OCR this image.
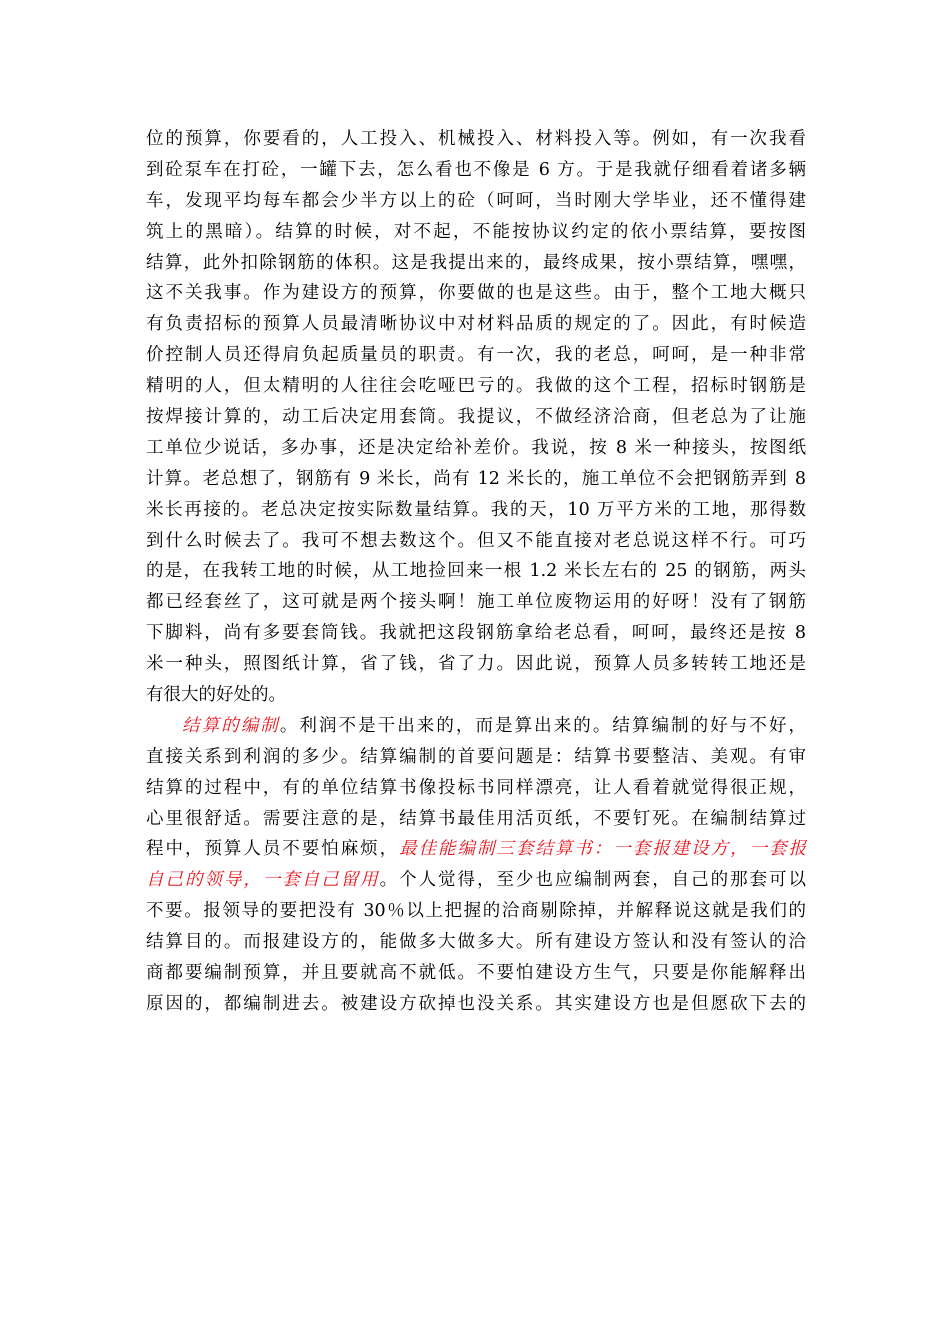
位的预算，你要看的，人工投入、机械投入、材料投入等。例如，有一次我看
到砼泵车在打砼，一罐下去，怎么看也不像是 6 方。于是我就仔细看着诸多辆
车，发现平均每车都会少半方以上的砼（呵呵，当时刚大学毕业，还不懂得建
筑上的黑暗）。结算的时候，对不起，不能按协议约定的依小票结算，要按图
结算，此外扣除钢筋的体积。这是我提出来的，最终成果，按小票结算，嘿嘿，
这不关我事。作为建设方的预算，你要做的也是这些。由于，整个工地大概只
有负责招标的预算人员最清晰协议中对材料品质的规定的了。因此，有时候造
价控制人员还得肩负起质量员的职责。有一次，我的老总，呵呵，是一种非常
精明的人，但太精明的人往往会吃哑巴亏的。我做的这个工程，招标时钢筋是
按焊接计算的，动工后决定用套筒。我提议，不做经济洽商，但老总为了让施
工单位少说话，多办事，还是决定给补差价。我说，按 8 米一种接头，按图纸
计算。老总想了，钢筋有 9 米长，尚有 12 米长的，施工单位不会把钢筋弄到 8
米长再接的。老总决定按实际数量结算。我的天，10 万平方米的工地，那得数
到什么时候去了。我可不想去数这个。但又不能直接对老总说这样不行。可巧
的是，在我转工地的时候，从工地捡回来一根 1.2 米长左右的 25 的钢筋，两头
都已经套丝了，这可就是两个接头啊！施工单位废物运用的好呀！没有了钢筋
下脚料，尚有多要套筒钱。我就把这段钢筋拿给老总看，呵呵，最终还是按 8
米一种头，照图纸计算，省了钱，省了力。因此说，预算人员多转转工地还是
有很大的好处的。

结算的编制。利润不是干出来的，而是算出来的。结算编制的好与不好，
直接关系到利润的多少。结算编制的首要问题是：结算书要整洁、美观。有审
结算的过程中，有的单位结算书像投标书同样漂亮，让人看着就觉得很正规，
心里很舒适。需要注意的是，结算书最佳用活页纸，不要钉死。在编制结算过
程中，预算人员不要怕麻烦，最佳能编制三套结算书：一套报建设方，一套报
自己的领导，一套自己留用。个人觉得，至少也应编制两套，自己的那套可以
不要。报领导的要把没有 30％以上把握的洽商剔除掉，并解释说这就是我们的
结算目的。而报建设方的，能做多大做多大。所有建设方签认和没有签认的洽
商都要编制预算，并且要就高不就低。不要怕建设方生气，只要是你能解释出
原因的，都编制进去。被建设方砍掉也没关系。其实建设方也是但愿砍下去的
